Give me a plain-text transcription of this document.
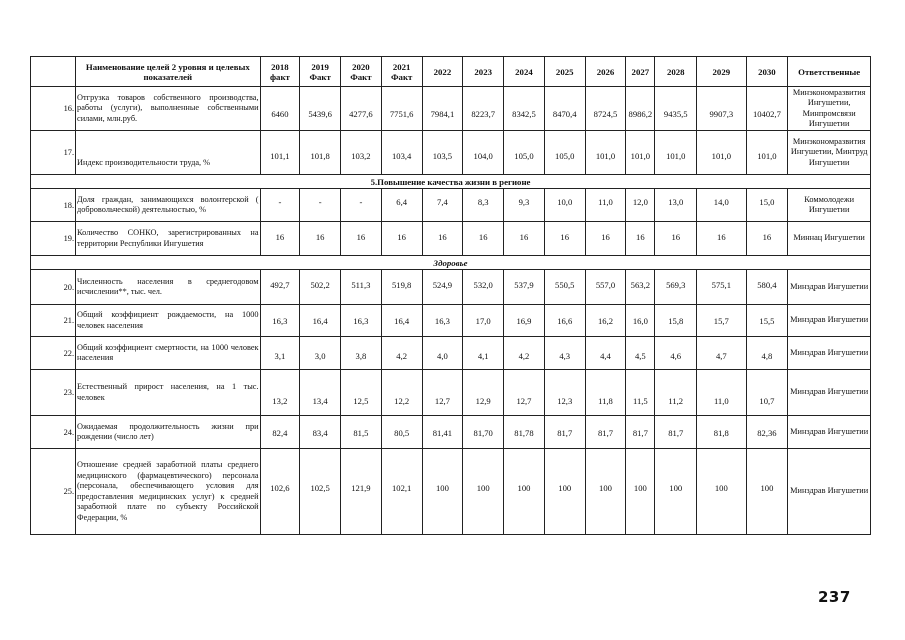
	Наименование целей 2 уровня и целевых показателей	2018 факт	2019 Факт	2020 Факт	2021 Факт	2022	2023	2024	2025	2026	2027	2028	2029	2030	Ответственные
16.	Отгрузка товаров собственного производства, работы (услуги), выполненные собственными силами, млн.руб.	6460	5439,6	4277,6	7751,6	7984,1	8223,7	8342,5	8470,4	8724,5	8986,2	9435,5	9907,3	10402,7	Минэкономразвития Ингушетии, Минпромсвязи Ингушетии
17.	Индекс производительности труда, %	101,1	101,8	103,2	103,4	103,5	104,0	105,0	105,0	101,0	101,0	101,0	101,0	101,0	Минэкономразвития Ингушетии, Минтруд Ингушетии
5.Повышение качества жизни в регионе															
18.	Доля граждан, занимающихся волонтерской ( добровольческой) деятельностью, %	-	-	-	6,4	7,4	8,3	9,3	10,0	11,0	12,0	13,0	14,0	15,0	Коммолодежи Ингушетии
19.	Количество СОНКО, зарегистрированных на территории Республики Ингушетия	16	16	16	16	16	16	16	16	16	16	16	16	16	Миннац Ингушетии
Здоровье															
20.	Численность населения в среднегодовом исчислении**, тыс. чел.	492,7	502,2	511,3	519,8	524,9	532,0	537,9	550,5	557,0	563,2	569,3	575,1	580,4	Минздрав Ингушетии
21.	Общий коэффициент рождаемости, на 1000 человек населения	16,3	16,4	16,3	16,4	16,3	17,0	16,9	16,6	16,2	16,0	15,8	15,7	15,5	Минздрав Ингушетии
22.	Общий коэффициент смертности, на 1000 человек населения	3,1	3,0	3,8	4,2	4,0	4,1	4,2	4,3	4,4	4,5	4,6	4,7	4,8	Минздрав Ингушетии
23.	Естественный прирост населения, на 1 тыс. человек	13,2	13,4	12,5	12,2	12,7	12,9	12,7	12,3	11,8	11,5	11,2	11,0	10,7	Минздрав Ингушетии
24.	Ожидаемая продолжительность жизни при рождении (число лет)	82,4	83,4	81,5	80,5	81,41	81,70	81,78	81,7	81,7	81,7	81,7	81,8	82,36	Минздрав Ингушетии
25.	Отношение средней заработной платы среднего медицинского (фармацевтического) персонала (персонала, обеспечивающего условия для предоставления медицинских услуг) к средней заработной плате по субъекту Российской Федерации, %	102,6	102,5	121,9	102,1	100	100	100	100	100	100	100	100	100	Минздрав Ингушетии
237
